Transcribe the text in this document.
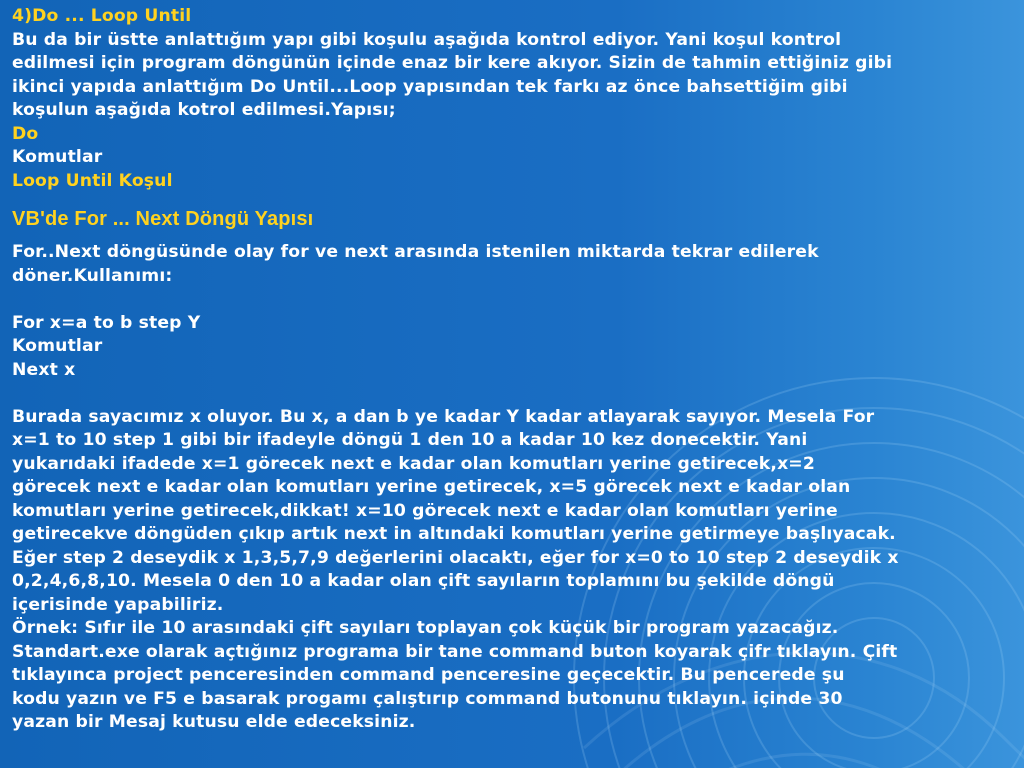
4)Do ... Loop Until
Bu da bir üstte anlattığım yapı gibi koşulu aşağıda kontrol ediyor. Yani koşul kontrol
edilmesi için program döngünün içinde enaz bir kere akıyor. Sizin de tahmin ettiğiniz gibi
ikinci yapıda anlattığım Do Until...Loop yapısından tek farkı az önce bahsettiğim gibi
koşulun aşağıda kotrol edilmesi.Yapısı;
Do
Komutlar
Loop Until Koşul
VB'de For ... Next Döngü Yapısı
For..Next döngüsünde olay for ve next arasında istenilen miktarda tekrar edilerek
döner.Kullanımı:
For x=a to b step Y
Komutlar
Next x
Burada sayacımız x oluyor. Bu x, a dan b ye kadar Y kadar atlayarak sayıyor. Mesela For
x=1 to 10 step 1 gibi bir ifadeyle döngü 1 den 10 a kadar 10 kez donecektir. Yani
yukarıdaki ifadede x=1 görecek next e kadar olan komutları yerine getirecek,x=2
görecek next e kadar olan komutları yerine getirecek, x=5 görecek next e kadar olan
komutları yerine getirecek,dikkat! x=10 görecek next e kadar olan komutları yerine
getirecekve döngüden çıkıp artık next in altındaki komutları yerine getirmeye başlıyacak.
Eğer step 2 deseydik x 1,3,5,7,9 değerlerini olacaktı, eğer for x=0 to 10 step 2 deseydik x
0,2,4,6,8,10. Mesela 0 den 10 a kadar olan çift sayıların toplamını bu şekilde döngü
içerisinde yapabiliriz.
Örnek: Sıfır ile 10 arasındaki çift sayıları toplayan çok küçük bir program yazacağız.
Standart.exe olarak açtığınız programa bir tane command buton koyarak çifr tıklayın. Çift
tıklayınca project penceresinden command penceresine geçecektir. Bu pencerede şu
kodu yazın ve F5 e basarak progamı çalıştırıp command butonunu tıklayın. içinde 30
yazan bir Mesaj kutusu elde edeceksiniz.
